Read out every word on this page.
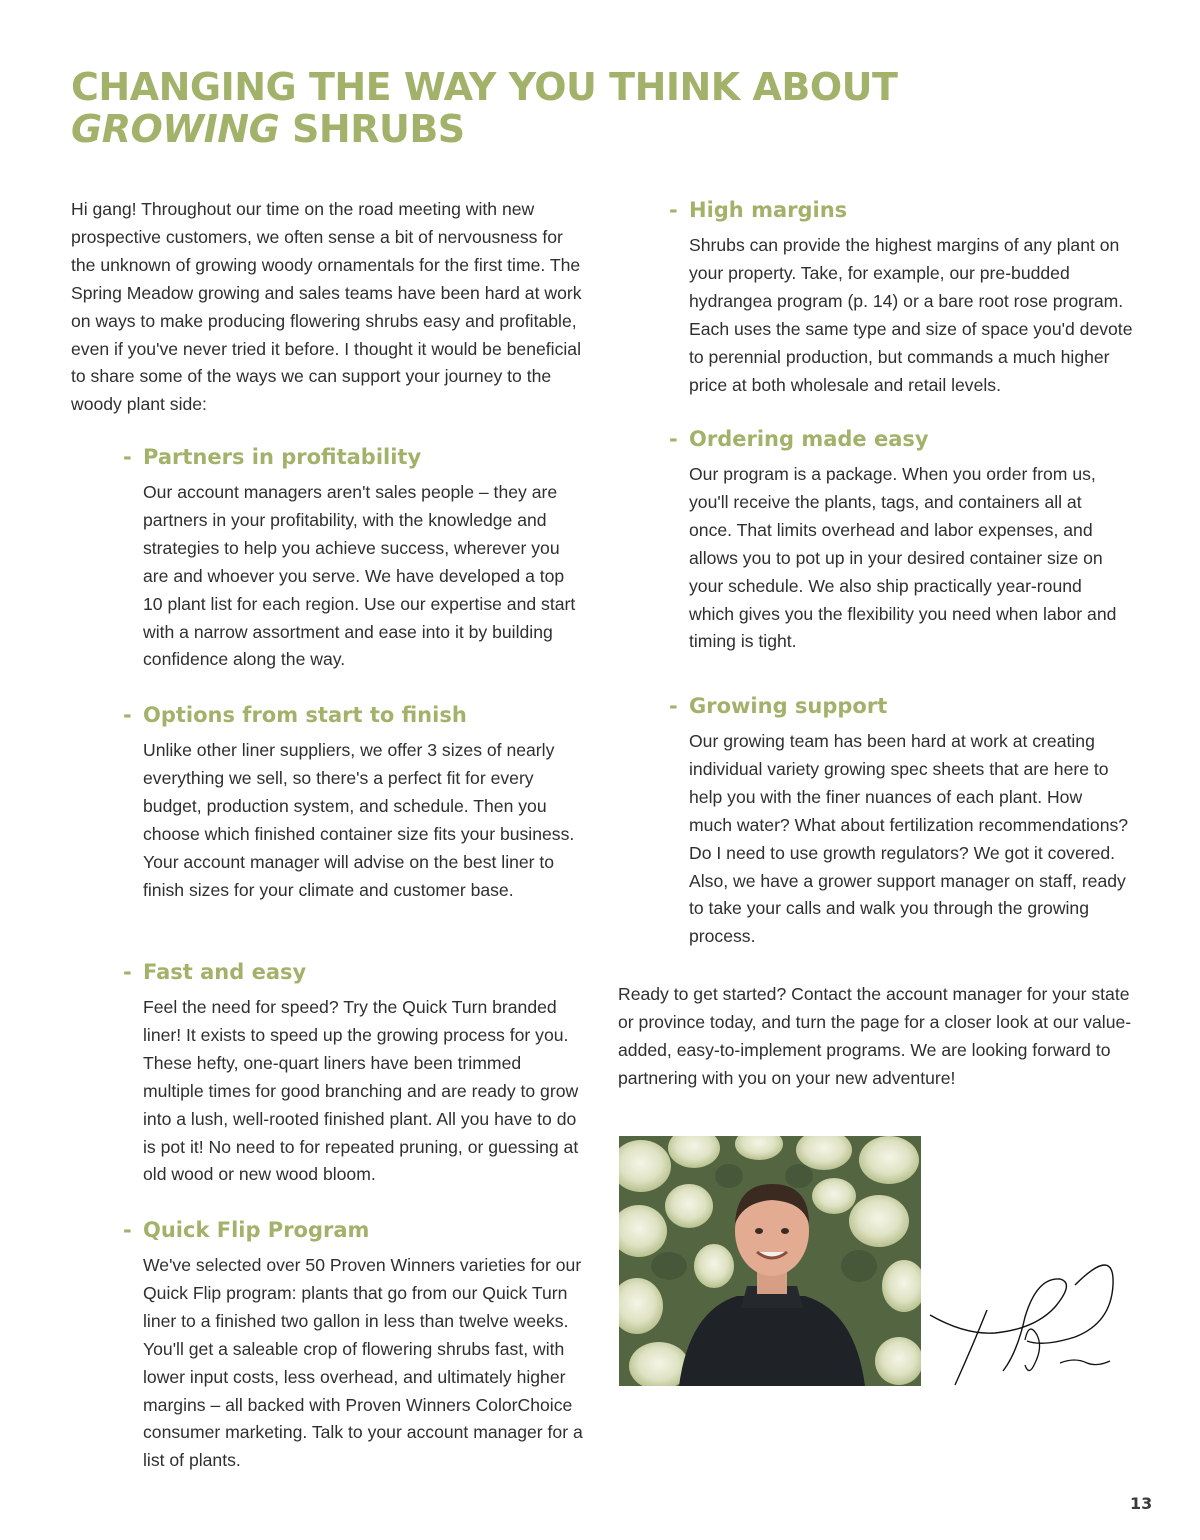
CHANGING THE WAY YOU THINK ABOUT
GROWING SHRUBS

Hi gang! Throughout our time on the road meeting with new prospective customers, we often sense a bit of nervousness for the unknown of growing woody ornamentals for the first time. The Spring Meadow growing and sales teams have been hard at work on ways to make producing flowering shrubs easy and profitable, even if you've never tried it before. I thought it would be beneficial to share some of the ways we can support your journey to the woody plant side:

- Partners in profitability

Our account managers aren't sales people – they are partners in your profitability, with the knowledge and strategies to help you achieve success, wherever you are and whoever you serve. We have developed a top 10 plant list for each region. Use our expertise and start with a narrow assortment and ease into it by building confidence along the way.

- Options from start to finish

Unlike other liner suppliers, we offer 3 sizes of nearly everything we sell, so there's a perfect fit for every budget, production system, and schedule. Then you choose which finished container size fits your business. Your account manager will advise on the best liner to finish sizes for your climate and customer base.

- Fast and easy

Feel the need for speed? Try the Quick Turn branded liner! It exists to speed up the growing process for you. These hefty, one-quart liners have been trimmed multiple times for good branching and are ready to grow into a lush, well-rooted finished plant. All you have to do is pot it! No need to for repeated pruning, or guessing at old wood or new wood bloom.

- Quick Flip Program

We've selected over 50 Proven Winners varieties for our Quick Flip program: plants that go from our Quick Turn liner to a finished two gallon in less than twelve weeks. You'll get a saleable crop of flowering shrubs fast, with lower input costs, less overhead, and ultimately higher margins – all backed with Proven Winners ColorChoice consumer marketing. Talk to your account manager for a list of plants.

- High margins

Shrubs can provide the highest margins of any plant on your property. Take, for example, our pre-budded hydrangea program (p. 14) or a bare root rose program. Each uses the same type and size of space you'd devote to perennial production, but commands a much higher price at both wholesale and retail levels.

- Ordering made easy

Our program is a package. When you order from us, you'll receive the plants, tags, and containers all at once. That limits overhead and labor expenses, and allows you to pot up in your desired container size on your schedule. We also ship practically year-round which gives you the flexibility you need when labor and timing is tight.

- Growing support

Our growing team has been hard at work at creating individual variety growing spec sheets that are here to help you with the finer nuances of each plant. How much water? What about fertilization recommendations? Do I need to use growth regulators? We got it covered. Also, we have a grower support manager on staff, ready to take your calls and walk you through the growing process.

Ready to get started? Contact the account manager for your state or province today, and turn the page for a closer look at our value-added, easy-to-implement programs. We are looking forward to partnering with you on your new adventure!

13
